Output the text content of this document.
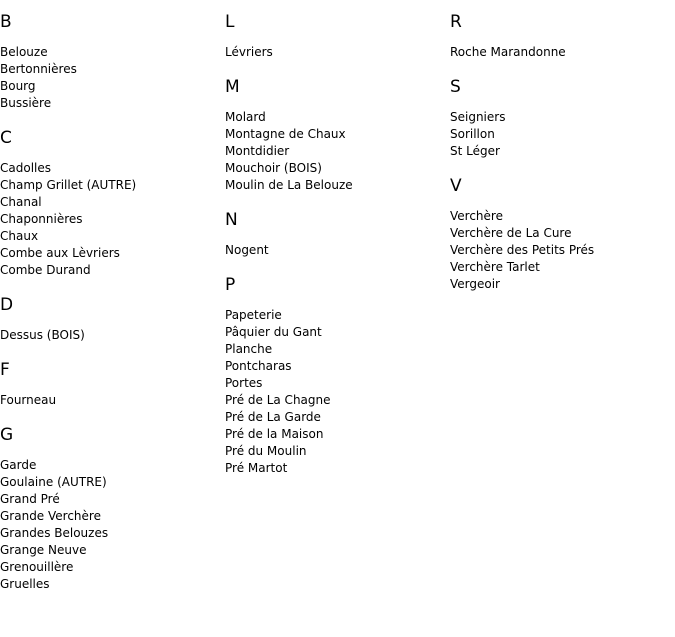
B
Belouze
Bertonnières
Bourg
Bussière
C
Cadolles
Champ Grillet (AUTRE)
Chanal
Chaponnières
Chaux
Combe aux Lèvriers
Combe Durand
D
Dessus (BOIS)
F
Fourneau
G
Garde
Goulaine (AUTRE)
Grand Pré
Grande Verchère
Grandes Belouzes
Grange Neuve
Grenouillère
Gruelles
L
Lévriers
M
Molard
Montagne de Chaux
Montdidier
Mouchoir (BOIS)
Moulin de La Belouze
N
Nogent
P
Papeterie
Pâquier du Gant
Planche
Pontcharas
Portes
Pré de La Chagne
Pré de La Garde
Pré de la Maison
Pré du Moulin
Pré Martot
R
Roche Marandonne
S
Seigniers
Sorillon
St Léger
V
Verchère
Verchère de La Cure
Verchère des Petits Prés
Verchère Tarlet
Vergeoir
